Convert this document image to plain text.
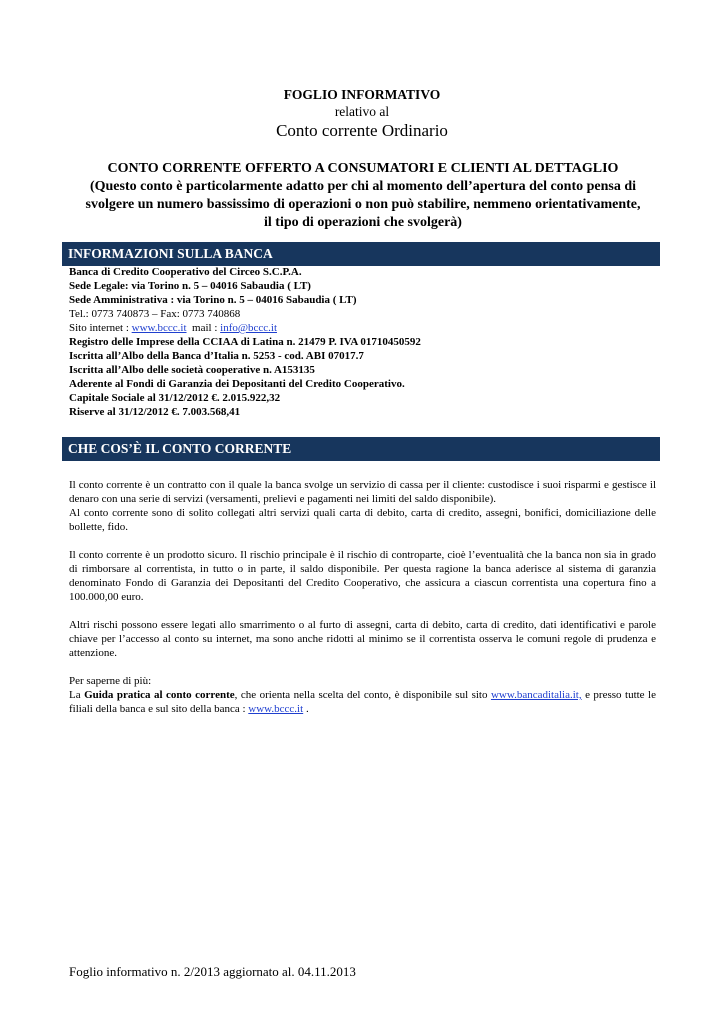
FOGLIO INFORMATIVO
relativo al
Conto corrente Ordinario
CONTO CORRENTE OFFERTO A CONSUMATORI E CLIENTI AL DETTAGLIO
(Questo conto è particolarmente adatto per chi al momento dell’apertura del conto pensa di
svolgere un numero bassissimo di operazioni o non può stabilire, nemmeno orientativamente,
il tipo di operazioni che svolgerà)
INFORMAZIONI SULLA BANCA
Banca di Credito Cooperativo del Circeo S.C.P.A.
Sede Legale: via Torino n. 5 – 04016 Sabaudia ( LT)
Sede Amministrativa : via Torino n. 5 – 04016 Sabaudia ( LT)
Tel.: 0773 740873 – Fax: 0773 740868
Sito internet : www.bccc.it  mail : info@bccc.it
Registro delle Imprese della CCIAA di Latina n. 21479 P. IVA 01710450592
Iscritta all’Albo della Banca d’Italia n. 5253 - cod. ABI 07017.7
Iscritta all’Albo delle società cooperative n. A153135
Aderente al Fondi di Garanzia dei Depositanti del Credito Cooperativo.
Capitale Sociale al 31/12/2012 €. 2.015.922,32
Riserve al 31/12/2012 €. 7.003.568,41
CHE COS’È IL CONTO CORRENTE

Il conto corrente è un contratto con il quale la banca svolge un servizio di cassa per il cliente: custodisce i suoi risparmi e gestisce il denaro con una serie di servizi (versamenti, prelievi e pagamenti nei limiti del saldo disponibile).
Al conto corrente sono di solito collegati altri servizi quali carta di debito, carta di credito, assegni, bonifici, domiciliazione delle bollette, fido.

Il conto corrente è un prodotto sicuro. Il rischio principale è il rischio di controparte, cioè l’eventualità che la banca non sia in grado di rimborsare al correntista, in tutto o in parte, il saldo disponibile. Per questa ragione la banca aderisce al sistema di garanzia denominato Fondo di Garanzia dei Depositanti del Credito Cooperativo, che assicura a ciascun correntista una copertura fino a 100.000,00 euro.

Altri rischi possono essere legati allo smarrimento o al furto di assegni, carta di debito, carta di credito, dati identificativi e parole chiave per l’accesso al conto su internet, ma sono anche ridotti al minimo se il correntista osserva le comuni regole di prudenza e attenzione.

Per saperne di più:
La Guida pratica al conto corrente, che orienta nella scelta del conto, è disponibile sul sito www.bancaditalia.it, e presso tutte le filiali della banca e sul sito della banca : www.bccc.it .

Foglio informativo n. 2/2013 aggiornato al. 04.11.2013
